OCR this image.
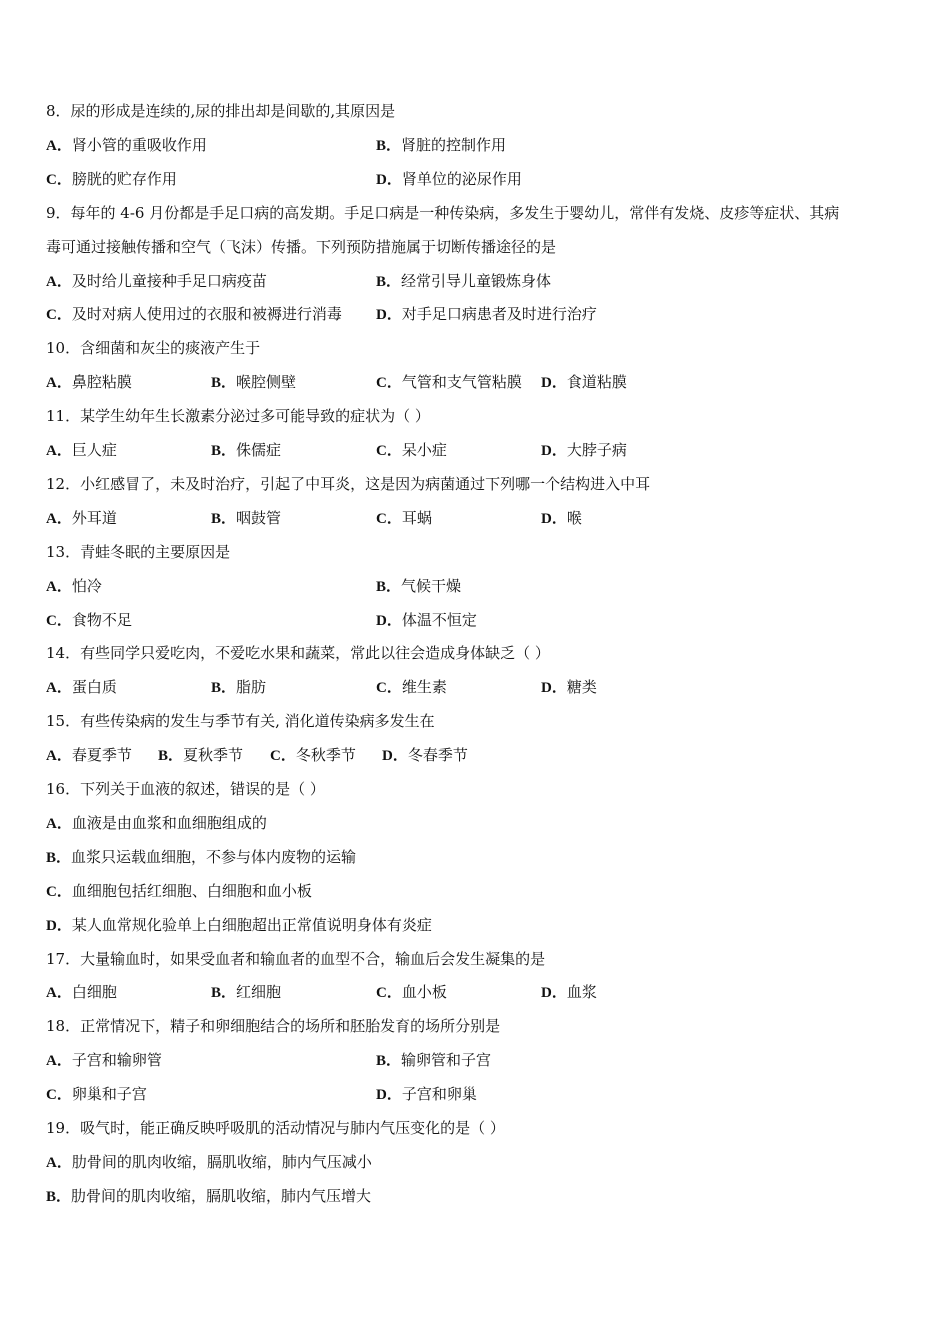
8．尿的形成是连续的,尿的排出却是间歇的,其原因是
A．肾小管的重吸收作用	B．肾脏的控制作用
C．膀胱的贮存作用	D．肾单位的泌尿作用
9．每年的 4-6 月份都是手足口病的高发期。手足口病是一种传染病，多发生于婴幼儿，常伴有发烧、皮疹等症状、其病
毒可通过接触传播和空气（飞沫）传播。下列预防措施属于切断传播途径的是
A．及时给儿童接种手足口病疫苗	B．经常引导儿童锻炼身体
C．及时对病人使用过的衣服和被褥进行消毒 D．对手足口病患者及时进行治疗
10．含细菌和灰尘的痰液产生于
A．鼻腔粘膜	B．喉腔侧壁	C．气管和支气管粘膜 D．食道粘膜
11．某学生幼年生长激素分泌过多可能导致的症状为（ ）
A．巨人症	B．侏儒症	C．呆小症	D．大脖子病
12．小红感冒了，未及时治疗，引起了中耳炎，这是因为病菌通过下列哪一个结构进入中耳
A．外耳道	B．咽鼓管	C．耳蜗	D．喉
13．青蛙冬眠的主要原因是
A．怕冷	B．气候干燥
C．食物不足	D．体温不恒定
14．有些同学只爱吃肉，不爱吃水果和蔬菜，常此以往会造成身体缺乏（ ）
A．蛋白质	B．脂肪	C．维生素	D．糖类
15．有些传染病的发生与季节有关, 消化道传染病多发生在
A．春夏季节 B．夏秋季节 C．冬秋季节 D．冬春季节
16．下列关于血液的叙述，错误的是（ ）
A．血液是由血浆和血细胞组成的
B．血浆只运载血细胞，不参与体内废物的运输
C．血细胞包括红细胞、白细胞和血小板
D．某人血常规化验单上白细胞超出正常值说明身体有炎症
17．大量输血时，如果受血者和输血者的血型不合，输血后会发生凝集的是
A．白细胞	B．红细胞	C．血小板	D．血浆
18．正常情况下，精子和卵细胞结合的场所和胚胎发育的场所分别是
A．子宫和输卵管	B．输卵管和子宫
C．卵巢和子宫	D．子宫和卵巢
19．吸气时，能正确反映呼吸肌的活动情况与肺内气压变化的是（ ）
A．肋骨间的肌肉收缩，膈肌收缩，肺内气压减小
B．肋骨间的肌肉收缩，膈肌收缩，肺内气压增大
